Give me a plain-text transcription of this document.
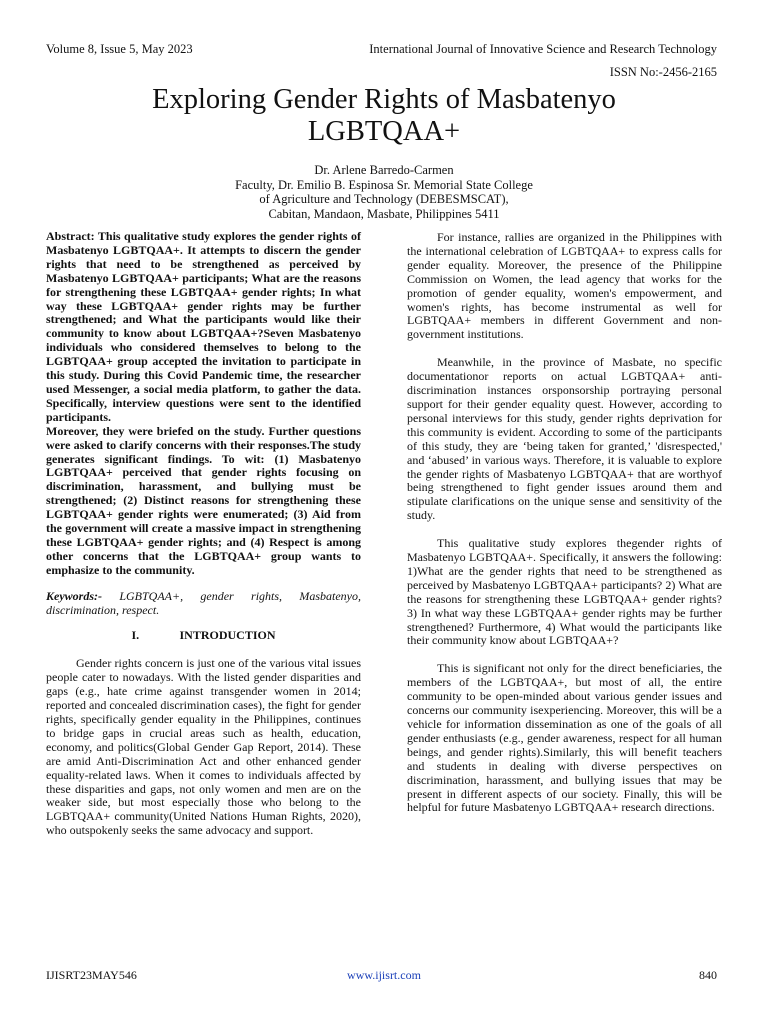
Volume 8, Issue 5, May 2023	International Journal of Innovative Science and Research Technology
ISSN No:-2456-2165
Exploring Gender Rights of Masbatenyo
LGBTQAA+
Dr. Arlene Barredo-Carmen
Faculty, Dr. Emilio B. Espinosa Sr. Memorial State College
of Agriculture and Technology (DEBESMSCAT),
Cabitan, Mandaon, Masbate, Philippines 5411

Abstract: This qualitative study explores the gender rights of Masbatenyo LGBTQAA+. It attempts to discern the gender rights that need to be strengthened as perceived by Masbatenyo LGBTQAA+ participants; What are the reasons for strengthening these LGBTQAA+ gender rights; In what way these LGBTQAA+ gender rights may be further strengthened; and What the participants would like their community to know about LGBTQAA+?Seven Masbatenyo individuals who considered themselves to belong to the LGBTQAA+ group accepted the invitation to participate in this study. During this Covid Pandemic time, the researcher used Messenger, a social media platform, to gather the data. Specifically, interview questions were sent to the identified participants.

Moreover, they were briefed on the study. Further questions were asked to clarify concerns with their responses.The study generates significant findings. To wit: (1) Masbatenyo LGBTQAA+ perceived that gender rights focusing on discrimination, harassment, and bullying must be strengthened; (2) Distinct reasons for strengthening these LGBTQAA+ gender rights were enumerated; (3) Aid from the government will create a massive impact in strengthening these LGBTQAA+ gender rights; and (4) Respect is among other concerns that the LGBTQAA+ group wants to emphasize to the community.

Keywords:- LGBTQAA+, gender rights, Masbatenyo, discrimination, respect.

I.	INTRODUCTION

Gender rights concern is just one of the various vital issues people cater to nowadays. With the listed gender disparities and gaps (e.g., hate crime against transgender women in 2014; reported and concealed discrimination cases), the fight for gender rights, specifically gender equality in the Philippines, continues to bridge gaps in crucial areas such as health, education, economy, and politics(Global Gender Gap Report, 2014). These are amid Anti-Discrimination Act and other enhanced gender equality-related laws. When it comes to individuals affected by these disparities and gaps, not only women and men are on the weaker side, but most especially those who belong to the LGBTQAA+ community(United Nations Human Rights, 2020), who outspokenly seeks the same advocacy and support.

For instance, rallies are organized in the Philippines with the international celebration of LGBTQAA+ to express calls for gender equality. Moreover, the presence of the Philippine Commission on Women, the lead agency that works for the promotion of gender equality, women's empowerment, and women's rights, has become instrumental as well for LGBTQAA+ members in different Government and non-government institutions.

Meanwhile, in the province of Masbate, no specific documentationor reports on actual LGBTQAA+ anti-discrimination instances orsponsorship portraying personal support for their gender equality quest. However, according to personal interviews for this study, gender rights deprivation for this community is evident. According to some of the participants of this study, they are ‘being taken for granted,’ 'disrespected,' and ‘abused’ in various ways. Therefore, it is valuable to explore the gender rights of Masbatenyo LGBTQAA+ that are worthyof being strengthened to fight gender issues around them and stipulate clarifications on the unique sense and sensitivity of the study.

This qualitative study explores thegender rights of Masbatenyo LGBTQAA+. Specifically, it answers the following: 1)What are the gender rights that need to be strengthened as perceived by Masbatenyo LGBTQAA+ participants? 2) What are the reasons for strengthening these LGBTQAA+ gender rights?3) In what way these LGBTQAA+ gender rights may be further strengthened? Furthermore, 4) What would the participants like their community know about LGBTQAA+?

This is significant not only for the direct beneficiaries, the members of the LGBTQAA+, but most of all, the entire community to be open-minded about various gender issues and concerns our community isexperiencing. Moreover, this will be a vehicle for information dissemination as one of the goals of all gender enthusiasts (e.g., gender awareness, respect for all human beings, and gender rights).Similarly, this will benefit teachers and students in dealing with diverse perspectives on discrimination, harassment, and bullying issues that may be present in different aspects of our society. Finally, this will be helpful for future Masbatenyo LGBTQAA+ research directions.

IJISRT23MAY546	www.ijisrt.com	840
